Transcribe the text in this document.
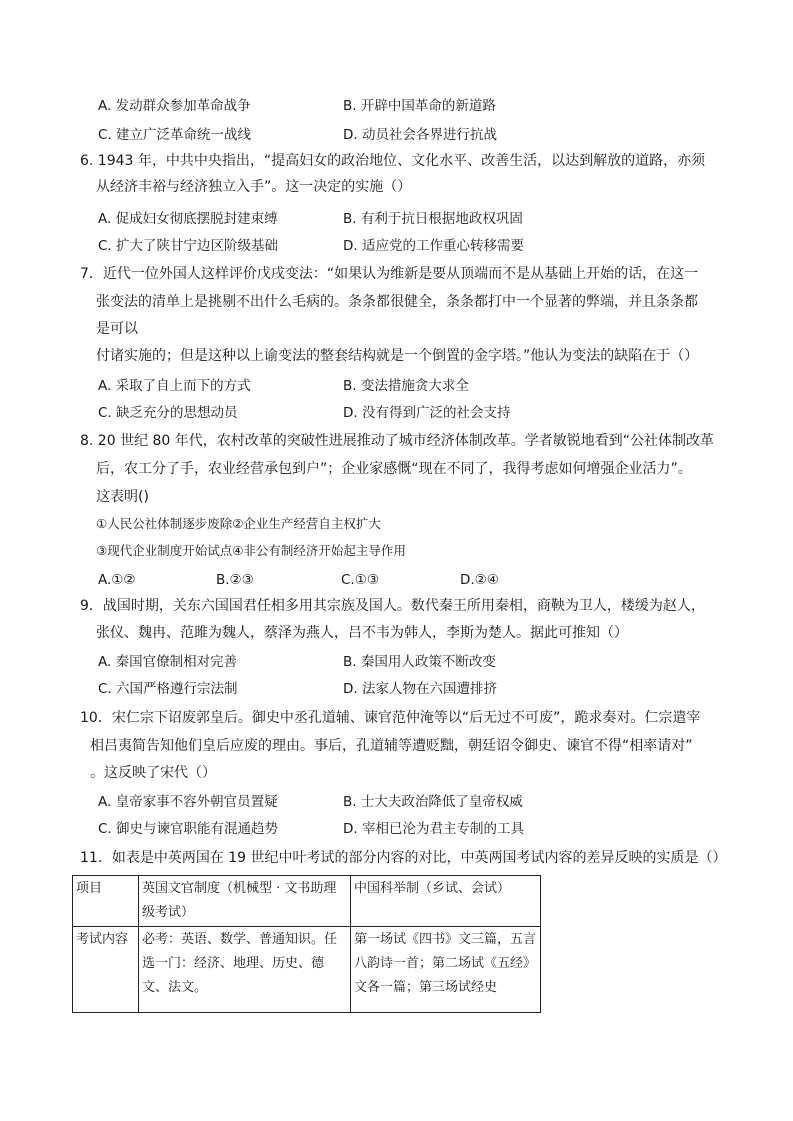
A. 发动群众参加革命战争	B. 开辟中国革命的新道路
C. 建立广泛革命统一战线	D. 动员社会各界进行抗战
6. 1943 年，中共中央指出，“提高妇女的政治地位、文化水平、改善生活，以达到解放的道路，亦须
从经济丰裕与经济独立入手”。这一决定的实施（）
A. 促成妇女彻底摆脱封建束缚	B. 有利于抗日根据地政权巩固
C. 扩大了陕甘宁边区阶级基础	D. 适应党的工作重心转移需要
7．近代一位外国人这样评价戊戌变法：“如果认为维新是要从顶端而不是从基础上开始的话，在这一
张变法的清单上是挑剔不出什么毛病的。条条都很健全，条条都打中一个显著的弊端，并且条条都
是可以
付诸实施的；但是这种以上谕变法的整套结构就是一个倒置的金字塔。”他认为变法的缺陷在于（）
A. 采取了自上而下的方式	B. 变法措施贪大求全
C. 缺乏充分的思想动员	D. 没有得到广泛的社会支持
8. 20 世纪 80 年代，农村改革的突破性进展推动了城市经济体制改革。学者敏锐地看到“公社体制改革
后，农工分了手，农业经营承包到户”；企业家感慨“现在不同了，我得考虑如何增强企业活力”。
这表明()
①人民公社体制逐步废除②企业生产经营自主权扩大
③现代企业制度开始试点④非公有制经济开始起主导作用
A.①②	B.②③	C.①③	D.②④
9．战国时期，关东六国国君任相多用其宗族及国人。数代秦王所用秦相，商鞅为卫人，楼缓为赵人，
张仪、魏冉、范雎为魏人，蔡泽为燕人，吕不韦为韩人，李斯为楚人。据此可推知（）
A. 秦国官僚制相对完善	B. 秦国用人政策不断改变
C. 六国严格遵行宗法制	D. 法家人物在六国遭排挤
10．宋仁宗下诏废郭皇后。御史中丞孔道辅、谏官范仲淹等以“后无过不可废”，跪求奏对。仁宗遣宰
相吕夷简告知他们皇后应废的理由。事后，孔道辅等遭贬黜，朝廷诏令御史、谏官不得“相率请对”
。这反映了宋代（）
A. 皇帝家事不容外朝官员置疑	B. 士大夫政治降低了皇帝权威
C. 御史与谏官职能有混通趋势	D. 宰相已沦为君主专制的工具
11．如表是中英两国在 19 世纪中叶考试的部分内容的对比，中英两国考试内容的差异反映的实质是（）
项目	英国文官制度（机械型 · 文书助理级考试）	中国科举制（乡试、会试）
考试内容	必考：英语、数学、普通知识。任选一门：经济、地理、历史、德文、法文。	第一场试《四书》文三篇，五言八韵诗一首；第二场试《五经》文各一篇；第三场试经史
